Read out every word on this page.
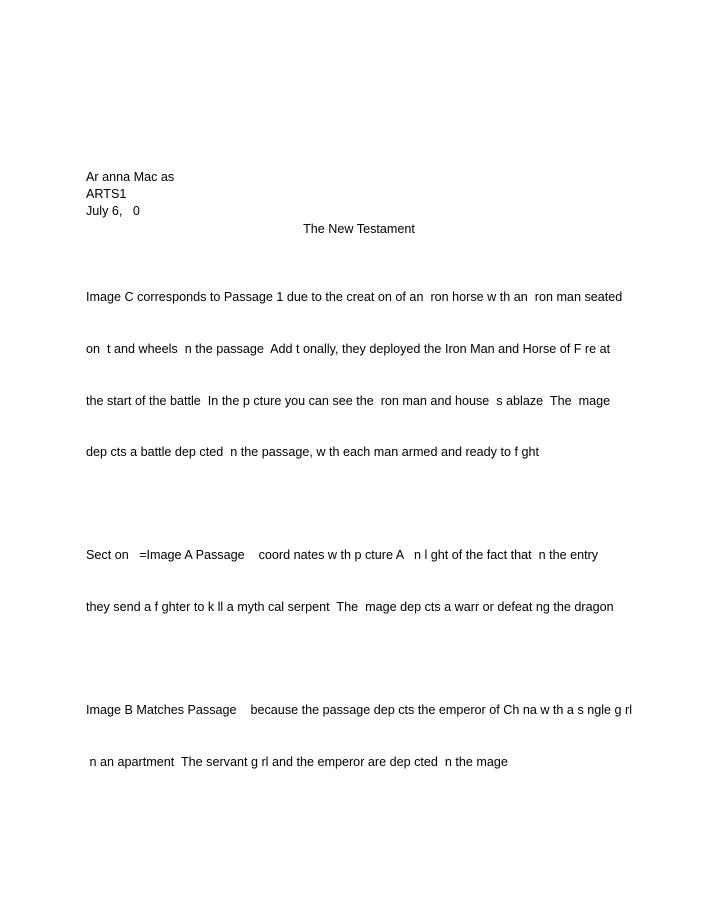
Ar anna Mac as
ARTS1
July 6,   0
The New Testament

Image C corresponds to Passage 1 due to the creat on of an  ron horse w th an  ron man seated

on  t and wheels  n the passage  Add t onally, they deployed the Iron Man and Horse of F re at

the start of the battle  In the p cture you can see the  ron man and house  s ablaze  The  mage

dep cts a battle dep cted  n the passage, w th each man armed and ready to f ght

Sect on   =Image A Passage    coord nates w th p cture A   n l ght of the fact that  n the entry

they send a f ghter to k ll a myth cal serpent  The  mage dep cts a warr or defeat ng the dragon

Image B Matches Passage    because the passage dep cts the emperor of Ch na w th a s ngle g rl

n an apartment  The servant g rl and the emperor are dep cted  n the mage
